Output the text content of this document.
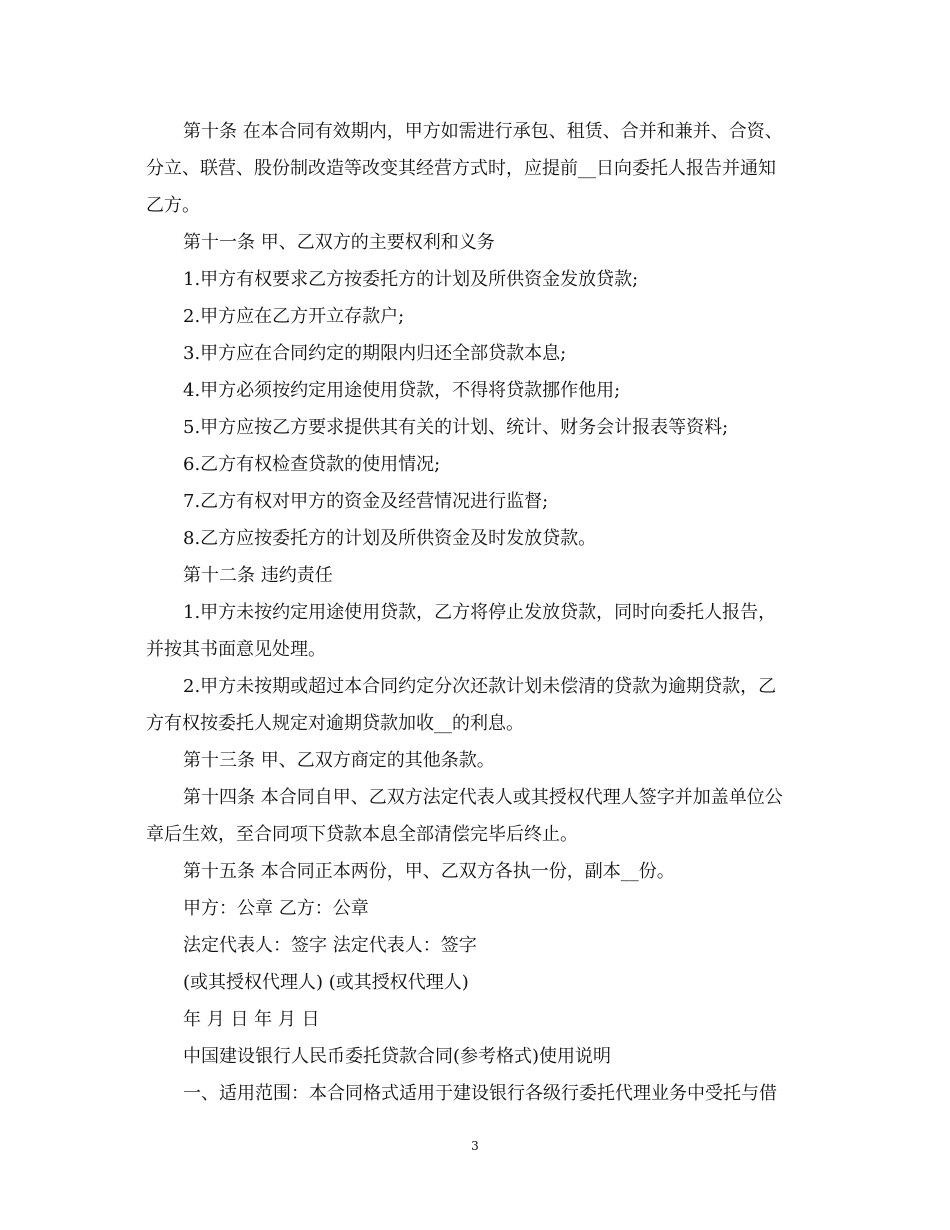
第十条 在本合同有效期内，甲方如需进行承包、租赁、合并和兼并、合资、

分立、联营、股份制改造等改变其经营方式时，应提前__日向委托人报告并通知

乙方。

第十一条 甲、乙双方的主要权利和义务

1.甲方有权要求乙方按委托方的计划及所供资金发放贷款;

2.甲方应在乙方开立存款户;

3.甲方应在合同约定的期限内归还全部贷款本息;

4.甲方必须按约定用途使用贷款，不得将贷款挪作他用;

5.甲方应按乙方要求提供其有关的计划、统计、财务会计报表等资料;

6.乙方有权检查贷款的使用情况;

7.乙方有权对甲方的资金及经营情况进行监督;

8.乙方应按委托方的计划及所供资金及时发放贷款。

第十二条 违约责任

1.甲方未按约定用途使用贷款，乙方将停止发放贷款，同时向委托人报告，

并按其书面意见处理。

2.甲方未按期或超过本合同约定分次还款计划未偿清的贷款为逾期贷款，乙

方有权按委托人规定对逾期贷款加收__的利息。

第十三条 甲、乙双方商定的其他条款。

第十四条 本合同自甲、乙双方法定代表人或其授权代理人签字并加盖单位公

章后生效，至合同项下贷款本息全部清偿完毕后终止。

第十五条 本合同正本两份，甲、乙双方各执一份，副本__份。

甲方：公章 乙方：公章

法定代表人：签字 法定代表人：签字

(或其授权代理人) (或其授权代理人)

年 月 日 年 月 日

中国建设银行人民币委托贷款合同(参考格式)使用说明

一、适用范围：本合同格式适用于建设银行各级行委托代理业务中受托与借

3
